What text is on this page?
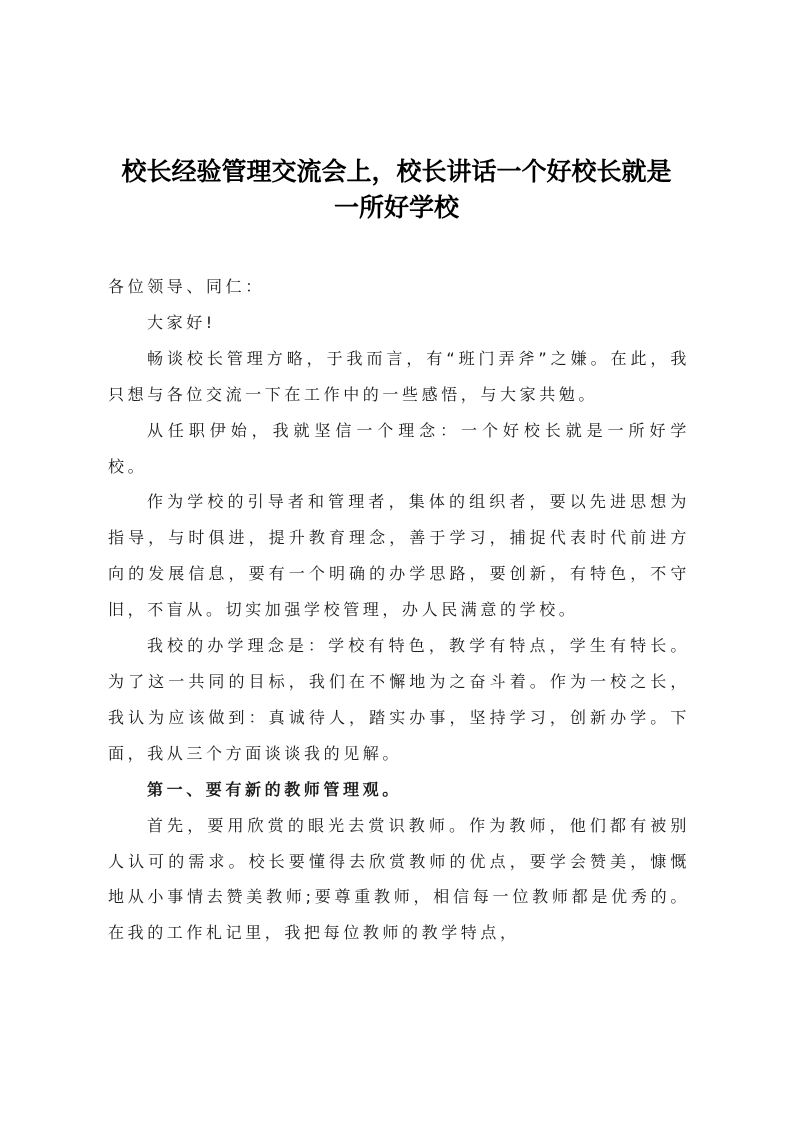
校长经验管理交流会上，校长讲话一个好校长就是
一所好学校

各位领导、同仁：

大家好!

畅谈校长管理方略，于我而言，有“班门弄斧”之嫌。在此，我只想与各位交流一下在工作中的一些感悟，与大家共勉。

从任职伊始，我就坚信一个理念：一个好校长就是一所好学校。

作为学校的引导者和管理者，集体的组织者，要以先进思想为指导，与时俱进，提升教育理念，善于学习，捕捉代表时代前进方向的发展信息，要有一个明确的办学思路，要创新，有特色，不守旧，不盲从。切实加强学校管理，办人民满意的学校。

我校的办学理念是：学校有特色，教学有特点，学生有特长。为了这一共同的目标，我们在不懈地为之奋斗着。作为一校之长，我认为应该做到：真诚待人，踏实办事，坚持学习，创新办学。下面，我从三个方面谈谈我的见解。

第一、要有新的教师管理观。

首先，要用欣赏的眼光去赏识教师。作为教师，他们都有被别人认可的需求。校长要懂得去欣赏教师的优点，要学会赞美，慷慨地从小事情去赞美教师;要尊重教师，相信每一位教师都是优秀的。在我的工作札记里，我把每位教师的教学特点，
